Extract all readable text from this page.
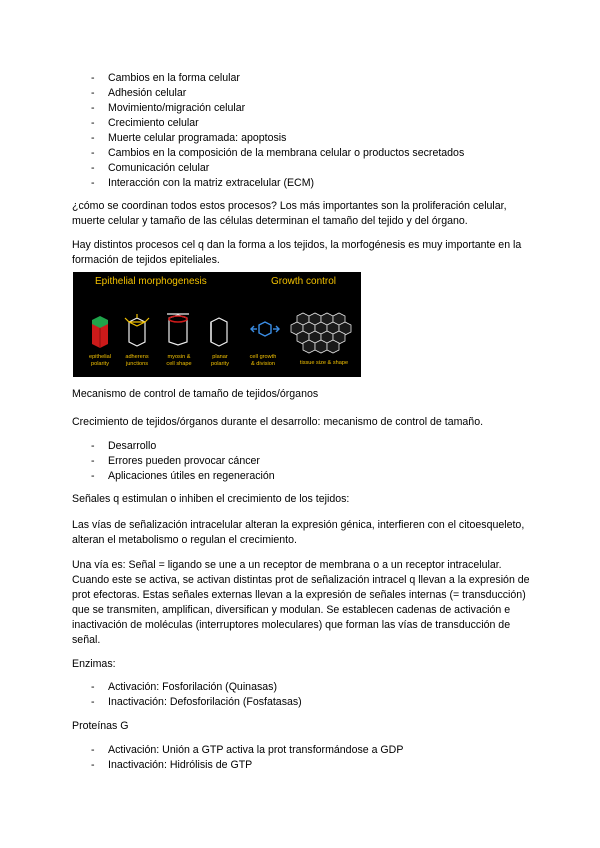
- Cambios en la forma celular
- Adhesión celular
- Movimiento/migración celular
- Crecimiento celular
- Muerte celular programada: apoptosis
- Cambios en la composición de la membrana celular o productos secretados
- Comunicación celular
- Interacción con la matriz extracelular (ECM)

¿cómo se coordinan todos estos procesos? Los más importantes son la proliferación celular, muerte celular y tamaño de las células determinan el tamaño del tejido y del órgano.

Hay distintos procesos cel q dan la forma a los tejidos, la morfogénesis es muy importante en la formación de tejidos epiteliales.

Epithelial morphogenesis	Growth control
epithelial
polarity
adherens
junctions
myosin &
cell shape
planar
polarity
cell growth
& division	tissue size & shape

Mecanismo de control de tamaño de tejidos/órganos

Crecimiento de tejidos/órganos durante el desarrollo: mecanismo de control de tamaño.

- Desarrollo
- Errores pueden provocar cáncer
- Aplicaciones útiles en regeneración

Señales q estimulan o inhiben el crecimiento de los tejidos:

Las vías de señalización intracelular alteran la expresión génica, interfieren con el citoesqueleto, alteran el metabolismo o regulan el crecimiento.

Una vía es: Señal = ligando se une a un receptor de membrana o a un receptor intracelular. Cuando este se activa, se activan distintas prot de señalización intracel q llevan a la expresión de prot efectoras. Estas señales externas llevan a la expresión de señales internas (= transducción) que se transmiten, amplifican, diversifican y modulan. Se establecen cadenas de activación e inactivación de moléculas (interruptores moleculares) que forman las vías de transducción de señal.

Enzimas:

- Activación: Fosforilación (Quinasas)
- Inactivación: Defosforilación (Fosfatasas)

Proteínas G

- Activación: Unión a GTP activa la prot transformándose a GDP
- Inactivación: Hidrólisis de GTP
